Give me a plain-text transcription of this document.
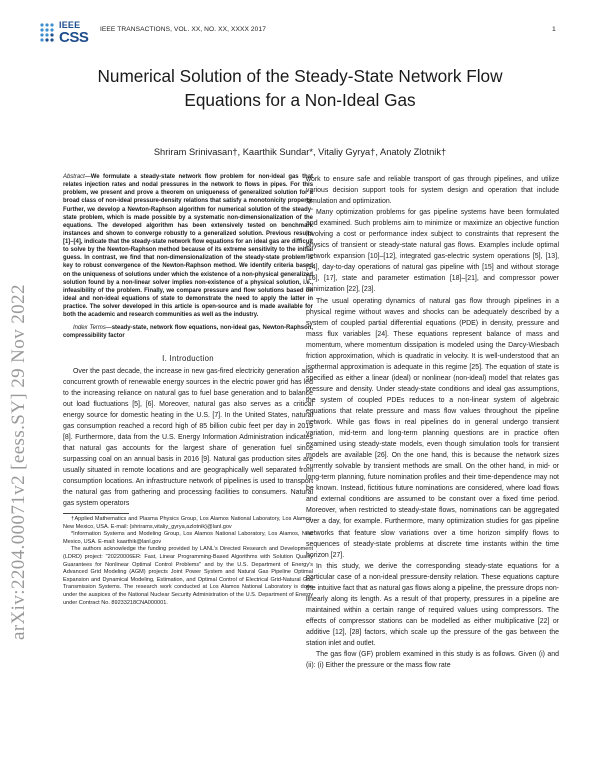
IEEE
CSS IEEE TRANSACTIONS, VOL. XX, NO. XX, XXXX 2017	1
arXiv:2204.00071v2 [eess.SY] 29 Nov 2022
Numerical Solution of the Steady-State Network Flow
Equations for a Non-Ideal Gas
Shriram Srinivasan†, Kaarthik Sundar*, Vitaliy Gyrya†, Anatoly Zlotnik†

Abstract—We formulate a steady-state network flow problem for non-ideal gas that relates injection rates and nodal pressures in the network to flows in pipes. For this problem, we present and prove a theorem on uniqueness of generalized solution for a broad class of non-ideal pressure-density relations that satisfy a monotonicity property. Further, we develop a Newton-Raphson algorithm for numerical solution of the steady-state problem, which is made possible by a systematic non-dimensionalization of the equations. The developed algorithm has been extensively tested on benchmark instances and shown to converge robustly to a generalized solution. Previous results [1]–[4], indicate that the steady-state network flow equations for an ideal gas are difficult to solve by the Newton-Raphson method because of its extreme sensitivity to the initial guess. In contrast, we find that non-dimensionalization of the steady-state problem is key to robust convergence of the Newton-Raphson method. We identify criteria based on the uniqueness of solutions under which the existence of a non-physical generalized solution found by a non-linear solver implies non-existence of a physical solution, i.e., infeasibility of the problem. Finally, we compare pressure and flow solutions based on ideal and non-ideal equations of state to demonstrate the need to apply the latter in practice. The solver developed in this article is open-source and is made available for both the academic and research communities as well as the industry.

Index Terms—steady-state, network flow equations, non-ideal gas, Newton-Raphson, compressibility factor

I. Introduction

Over the past decade, the increase in new gas-fired electricity generation and concurrent growth of renewable energy sources in the electric power grid has led to the increasing reliance on natural gas to fuel base generation and to balance out load fluctuations [5], [6]. Moreover, natural gas also serves as a critical energy source for domestic heating in the U.S. [7]. In the United States, natural gas consumption reached a record high of 85 billion cubic feet per day in 2019 [8]. Furthermore, data from the U.S. Energy Information Administration indicates that natural gas accounts for the largest share of generation fuel since surpassing coal on an annual basis in 2016 [9]. Natural gas production sites are usually situated in remote locations and are geographically well separated from consumption locations. An infrastructure network of pipelines is used to transport the natural gas from gathering and processing facilities to consumers. Natural gas system operators

†Applied Mathematics and Plasma Physics Group, Los Alamos National Laboratory, Los Alamos, New Mexico, USA. E-mail: {shrirams,vitaliy_gyrya,azlotnik}@lanl.gov

*Information Systems and Modeling Group, Los Alamos National Laboratory, Los Alamos, New Mexico, USA. E-mail: kaarthik@lanl.gov

The authors acknowledge the funding provided by LANL's Directed Research and Development (LDRD) project: "20220006ER: Fast, Linear Programming-Based Algorithms with Solution Quality Guarantees for Nonlinear Optimal Control Problems" and by the U.S. Department of Energy's Advanced Grid Modeling (AGM) projects Joint Power System and Natural Gas Pipeline Optimal Expansion and Dynamical Modeling, Estimation, and Optimal Control of Electrical Grid-Natural Gas Transmission Systems. The research work conducted at Los Alamos National Laboratory is done under the auspices of the National Nuclear Security Administration of the U.S. Department of Energy under Contract No. 89233218CNA000001.

work to ensure safe and reliable transport of gas through pipelines, and utilize various decision support tools for system design and operation that include simulation and optimization.

Many optimization problems for gas pipeline systems have been formulated and examined. Such problems aim to minimize or maximize an objective function involving a cost or performance index subject to constraints that represent the physics of transient or steady-state natural gas flows. Examples include optimal network expansion [10]–[12], integrated gas-electric system operations [5], [13], [14], day-to-day operations of natural gas pipeline with [15] and without storage [16], [17], state and parameter estimation [18]–[21], and compressor power minimization [22], [23].

The usual operating dynamics of natural gas flow through pipelines in a physical regime without waves and shocks can be adequately described by a system of coupled partial differential equations (PDE) in density, pressure and mass flux variables [24]. These equations represent balance of mass and momentum, where momentum dissipation is modeled using the Darcy-Wiesbach friction approximation, which is quadratic in velocity. It is well-understood that an isothermal approximation is adequate in this regime [25]. The equation of state is specified as either a linear (ideal) or nonlinear (non-ideal) model that relates gas pressure and density. Under steady-state conditions and ideal gas assumptions, the system of coupled PDEs reduces to a non-linear system of algebraic equations that relate pressure and mass flow values throughout the pipeline network. While gas flows in real pipelines do in general undergo transient variation, mid-term and long-term planning questions are in practice often examined using steady-state models, even though simulation tools for transient models are available [26]. On the one hand, this is because the network sizes currently solvable by transient methods are small. On the other hand, in mid- or long-term planning, future nomination profiles and their time-dependence may not be known. Instead, fictitious future nominations are considered, where load flows and external conditions are assumed to be constant over a fixed time period. Moreover, when restricted to steady-state flows, nominations can be aggregated over a day, for example. Furthermore, many optimization studies for gas pipeline networks that feature slow variations over a time horizon simplify flows to sequences of steady-state problems at discrete time instants within the time horizon [27].

In this study, we derive the corresponding steady-state equations for a particular case of a non-ideal pressure-density relation. These equations capture the intuitive fact that as natural gas flows along a pipeline, the pressure drops non-linearly along its length. As a result of that property, pressures in a pipeline are maintained within a certain range of required values using compressors. The effects of compressor stations can be modelled as either multiplicative [22] or additive [12], [28] factors, which scale up the pressure of the gas between the station inlet and outlet.

The gas flow (GF) problem examined in this study is as follows. Given (i) and (ii): (i) Either the pressure or the mass flow rate
